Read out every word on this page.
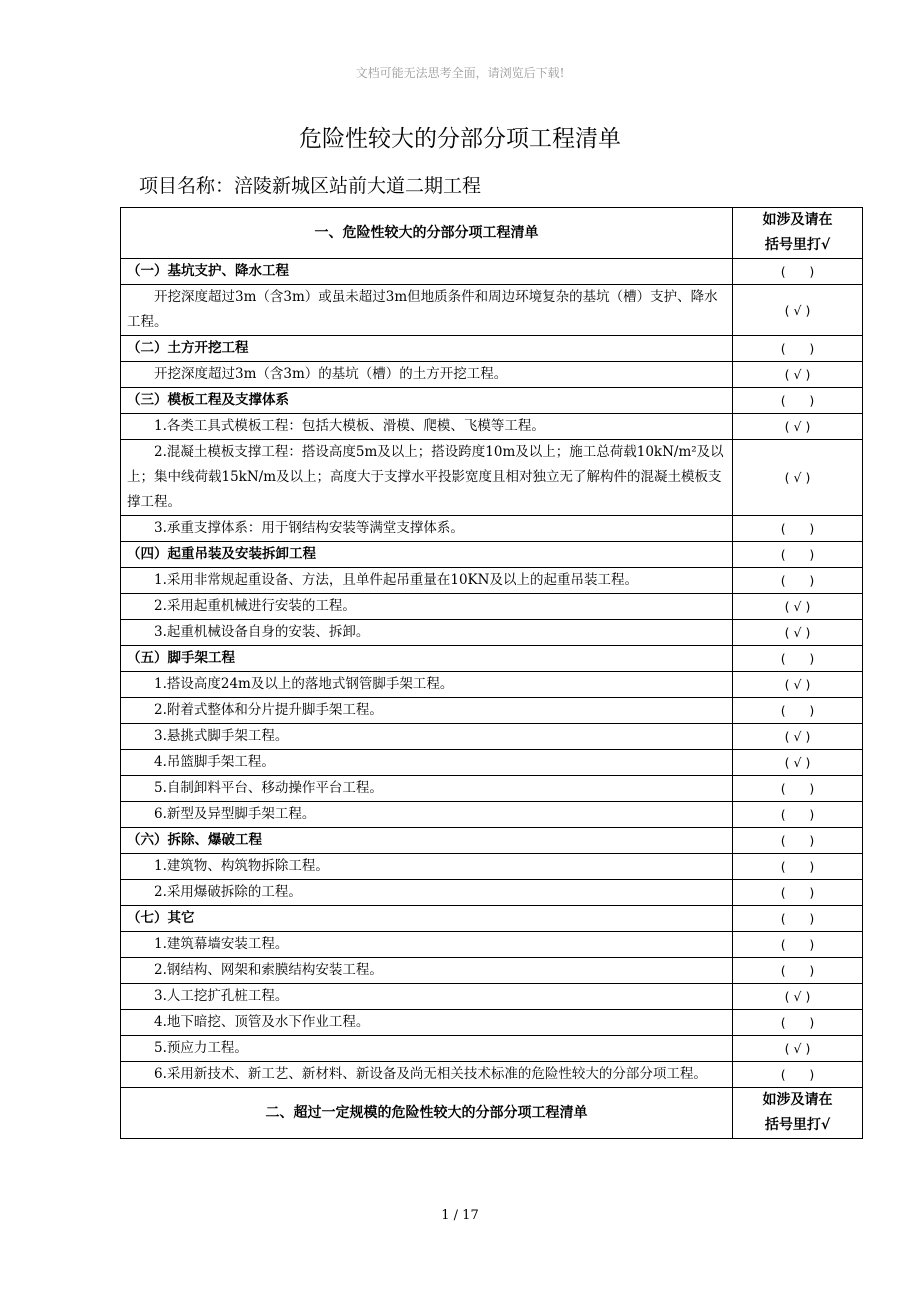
文档可能无法思考全面，请浏览后下载!
危险性较大的分部分项工程清单
项目名称：涪陵新城区站前大道二期工程
一、危险性较大的分部分项工程清单	如涉及请在
括号里打√

（一）基坑支护、降水工程	(      )
开挖深度超过3m（含3m）或虽未超过3m但地质条件和周边环境复杂的基坑（槽）支护、降水工程。	( √ )
（二）土方开挖工程	(      )
开挖深度超过3m（含3m）的基坑（槽）的土方开挖工程。	( √ )
（三）模板工程及支撑体系	(      )
1.各类工具式模板工程：包括大模板、滑模、爬模、飞模等工程。	( √ )
2.混凝土模板支撑工程：搭设高度5m及以上；搭设跨度10m及以上；施工总荷载10kN/m²及以上；集中线荷载15kN/m及以上；高度大于支撑水平投影宽度且相对独立无了解构件的混凝土模板支撑工程。	( √ )
3.承重支撑体系：用于钢结构安装等满堂支撑体系。	(      )
（四）起重吊装及安装拆卸工程	(      )
1.采用非常规起重设备、方法，且单件起吊重量在10KN及以上的起重吊装工程。	(      )
2.采用起重机械进行安装的工程。	( √ )
3.起重机械设备自身的安装、拆卸。	( √ )
（五）脚手架工程	(      )
1.搭设高度24m及以上的落地式钢管脚手架工程。	( √ )
2.附着式整体和分片提升脚手架工程。	(      )
3.悬挑式脚手架工程。	( √ )
4.吊篮脚手架工程。	( √ )
5.自制卸料平台、移动操作平台工程。	(      )
6.新型及异型脚手架工程。	(      )
（六）拆除、爆破工程	(      )
1.建筑物、构筑物拆除工程。	(      )
2.采用爆破拆除的工程。	(      )
（七）其它	(      )
1.建筑幕墙安装工程。	(      )
2.钢结构、网架和索膜结构安装工程。	(      )
3.人工挖扩孔桩工程。	( √ )
4.地下暗挖、顶管及水下作业工程。	(      )
5.预应力工程。	( √ )
6.采用新技术、新工艺、新材料、新设备及尚无相关技术标准的危险性较大的分部分项工程。	(      )
二、超过一定规模的危险性较大的分部分项工程清单	如涉及请在
括号里打√
1 / 17
